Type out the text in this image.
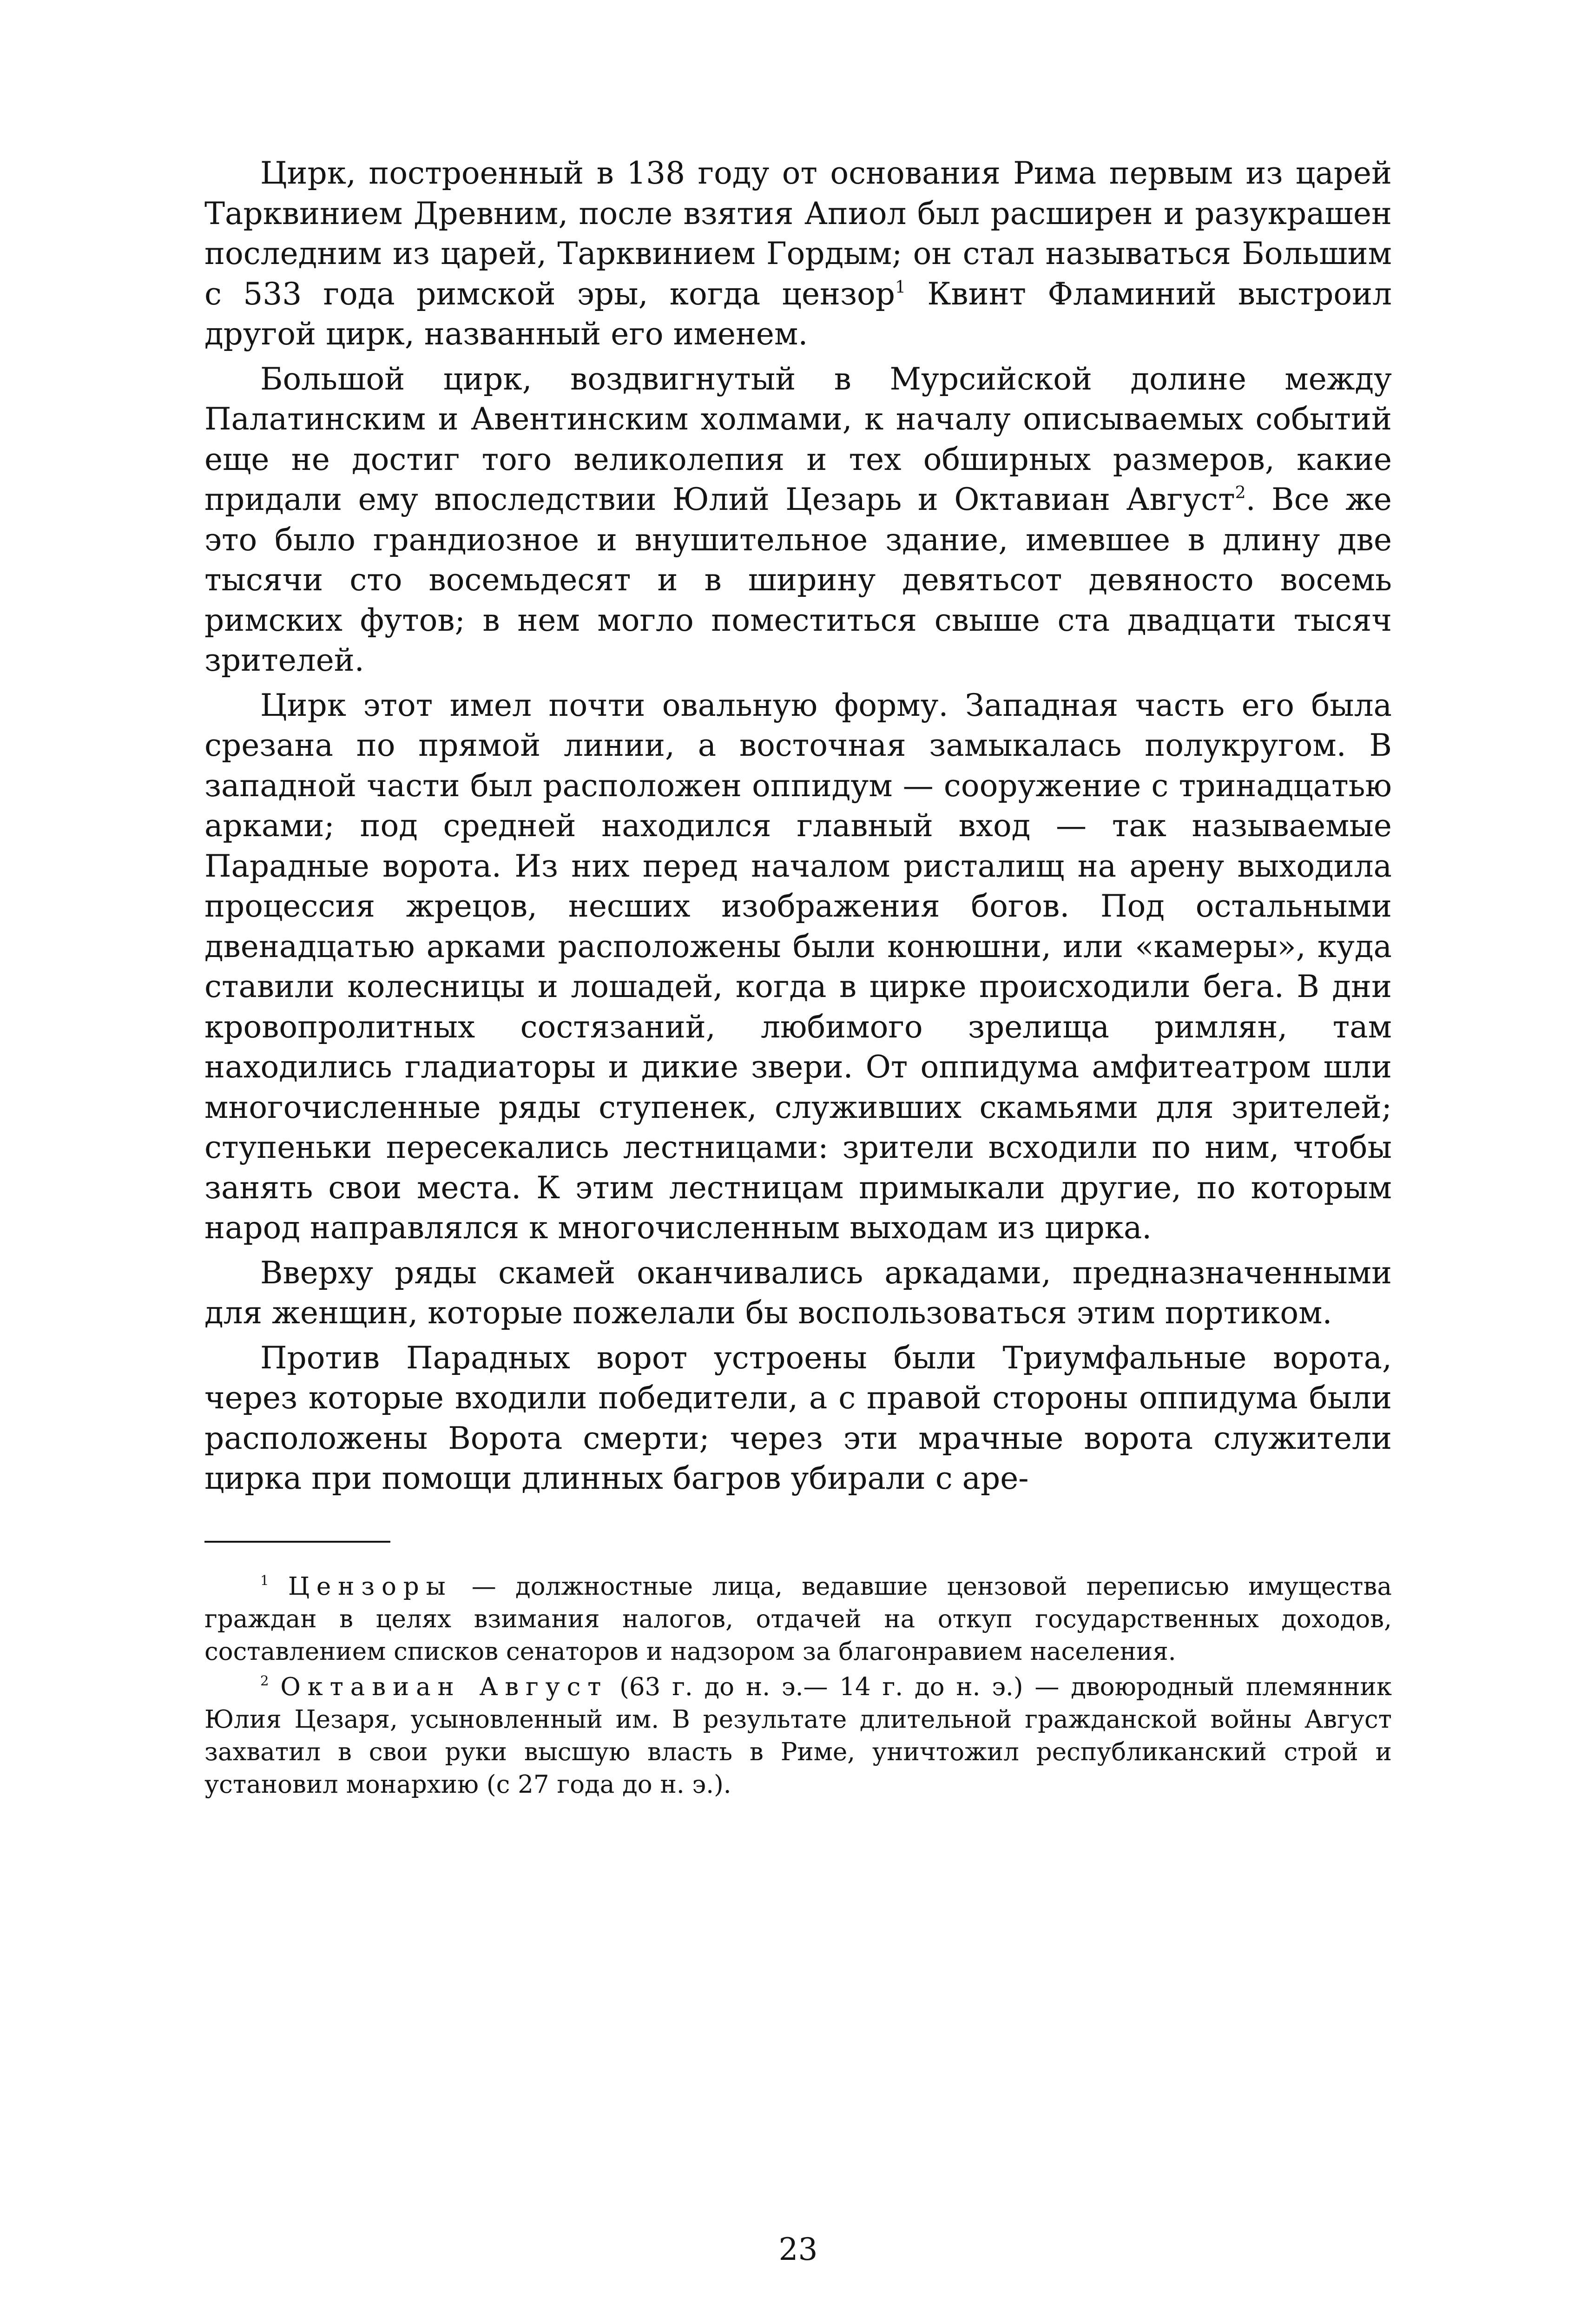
Цирк, построенный в 138 году от основания Рима первым из царей Тарквинием Древним, после взятия Апиол был расширен и разукрашен последним из царей, Тарквинием Гордым; он стал называться Большим с 533 года римской эры, когда цензор$^1$ Квинт Фламиний выстроил другой цирк, названный его именем.

Большой цирк, воздвигнутый в Мурсийской долине между Палатинским и Авентинским холмами, к началу описываемых событий еще не достиг того великолепия и тех обширных размеров, какие придали ему впоследствии Юлий Цезарь и Октавиан Август$^2$. Все же это было грандиозное и внушительное здание, имевшее в длину две тысячи сто восемьдесят и в ширину девятьсот девяносто восемь римских футов; в нем могло поместиться свыше ста двадцати тысяч зрителей.

Цирк этот имел почти овальную форму. Западная часть его была срезана по прямой линии, а восточная замыкалась полукругом. В западной части был расположен оппидум — сооружение с тринадцатью арками; под средней находился главный вход — так называемые Парадные ворота. Из них перед началом ристалищ на арену выходила процессия жрецов, несших изображения богов. Под остальными двенадцатью арками расположены были конюшни, или «камеры», куда ставили колесницы и лошадей, когда в цирке происходили бега. В дни кровопролитных состязаний, любимого зрелища римлян, там находились гладиаторы и дикие звери. От оппидума амфитеатром шли многочисленные ряды ступенек, служивших скамьями для зрителей; ступеньки пересекались лестницами: зрители всходили по ним, чтобы занять свои места. К этим лестницам примыкали другие, по которым народ направлялся к многочисленным выходам из цирка.

Вверху ряды скамей оканчивались аркадами, предназначенными для женщин, которые пожелали бы воспользоваться этим портиком.

Против Парадных ворот устроены были Триумфальные ворота, через которые входили победители, а с правой стороны оппидума были расположены Ворота смерти; через эти мрачные ворота служители цирка при помощи длинных багров убирали с аре-

$^1$ Цензоры — должностные лица, ведавшие цензовой переписью имущества граждан в целях взимания налогов, отдачей на откуп государственных доходов, составлением списков сенаторов и надзором за благонравием населения.

$^2$ Октавиан Август (63 г. до н. э.— 14 г. до н. э.) — двоюродный племянник Юлия Цезаря, усыновленный им. В результате длительной гражданской войны Август захватил в свои руки высшую власть в Риме, уничтожил республиканский строй и установил монархию (с 27 года до н. э.).

23
